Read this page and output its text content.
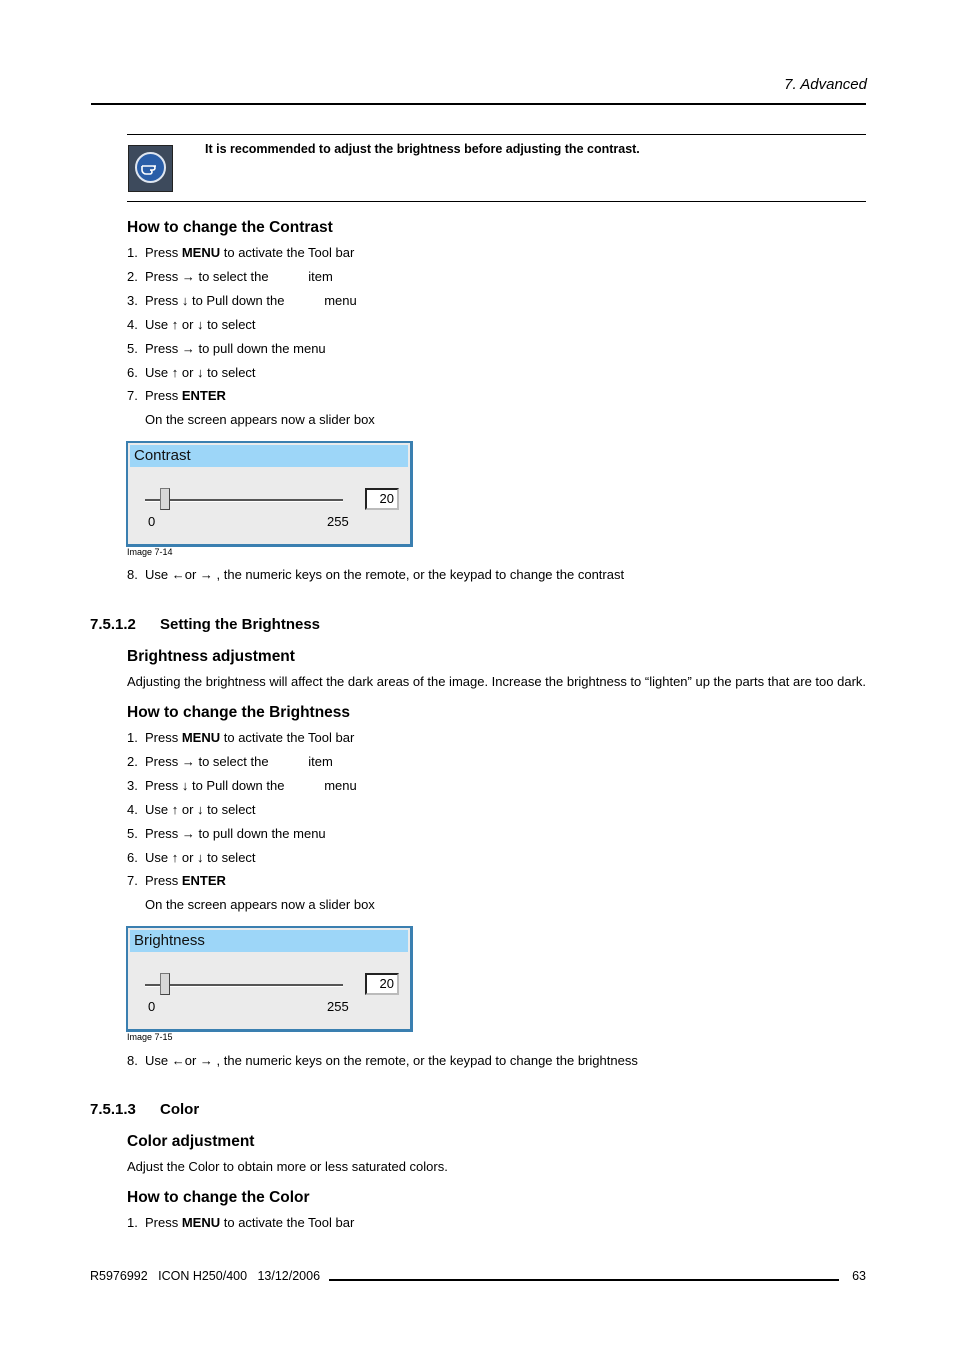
7. Advanced
It is recommended to adjust the brightness before adjusting the contrast.
How to change the Contrast
1. Press MENU to activate the Tool bar
2. Press → to select the           item
3. Press ↓ to Pull down the           menu
4. Use ↑ or ↓ to select
5. Press → to pull down the menu
6. Use ↑ or ↓ to select
7. Press ENTER
On the screen appears now a slider box
Contrast
0	255
20
Image 7-14
8. Use ←or → , the numeric keys on the remote, or the keypad to change the contrast
7.5.1.2 Setting the Brightness
Brightness adjustment
Adjusting the brightness will affect the dark areas of the image. Increase the brightness to “lighten” up the parts that are too dark.
How to change the Brightness
1. Press MENU to activate the Tool bar
2. Press → to select the           item
3. Press ↓ to Pull down the           menu
4. Use ↑ or ↓ to select
5. Press → to pull down the menu
6. Use ↑ or ↓ to select
7. Press ENTER
On the screen appears now a slider box
Brightness
0	255
20
Image 7-15
8. Use ←or → , the numeric keys on the remote, or the keypad to change the brightness
7.5.1.3 Color
Color adjustment
Adjust the Color to obtain more or less saturated colors.
How to change the Color
1. Press MENU to activate the Tool bar
R5976992   ICON H250/400   13/12/2006	63
